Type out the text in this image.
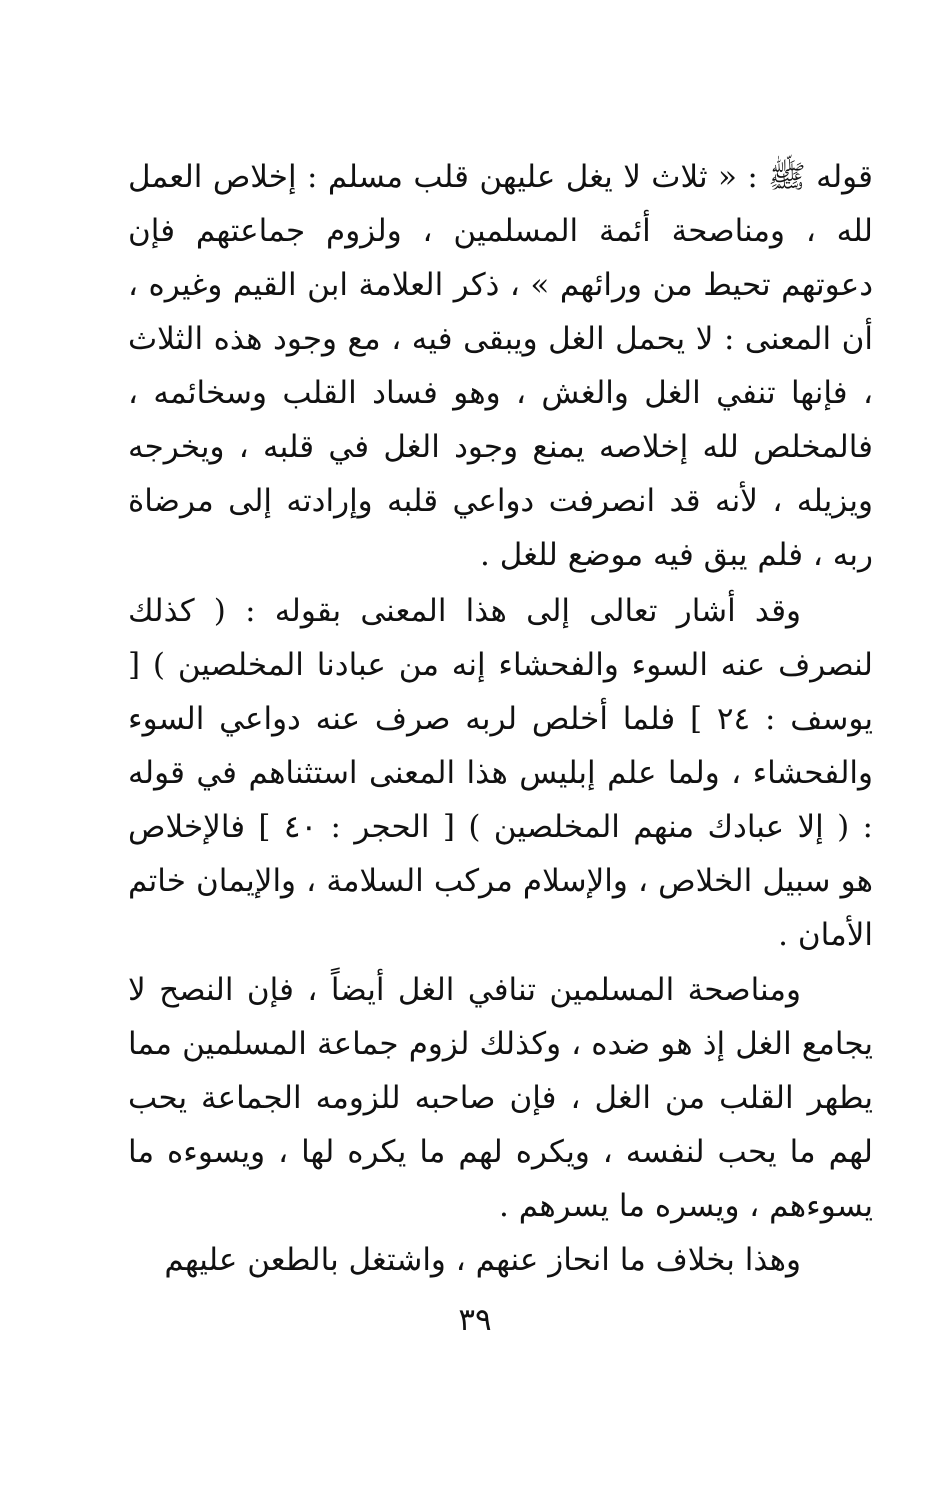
قوله ﷺ : « ثلاث لا يغل عليهن قلب مسلم : إخلاص العمل لله ، ومناصحة أئمة المسلمين ، ولزوم جماعتهم فإن دعوتهم تحيط من ورائهم » ، ذكر العلامة ابن القيم وغيره ، أن المعنى : لا يحمل الغل ويبقى فيه ، مع وجود هذه الثلاث ، فإنها تنفي الغل والغش ، وهو فساد القلب وسخائمه ، فالمخلص لله إخلاصه يمنع وجود الغل في قلبه ، ويخرجه ويزيله ، لأنه قد انصرفت دواعي قلبه وإرادته إلى مرضاة ربه ، فلم يبق فيه موضع للغل .

وقد أشار تعالى إلى هذا المعنى بقوله : ( كذلك لنصرف عنه السوء والفحشاء إنه من عبادنا المخلصين ) [ يوسف : ٢٤ ] فلما أخلص لربه صرف عنه دواعي السوء والفحشاء ، ولما علم إبليس هذا المعنى استثناهم في قوله : ( إلا عبادك منهم المخلصين ) [ الحجر : ٤٠ ] فالإخلاص هو سبيل الخلاص ، والإسلام مركب السلامة ، والإيمان خاتم الأمان .

ومناصحة المسلمين تنافي الغل أيضاً ، فإن النصح لا يجامع الغل إذ هو ضده ، وكذلك لزوم جماعة المسلمين مما يطهر القلب من الغل ، فإن صاحبه للزومه الجماعة يحب لهم ما يحب لنفسه ، ويكره لهم ما يكره لها ، ويسوءه ما يسوءهم ، ويسره ما يسرهم .

وهذا بخلاف ما انحاز عنهم ، واشتغل بالطعن عليهم

٣٩
